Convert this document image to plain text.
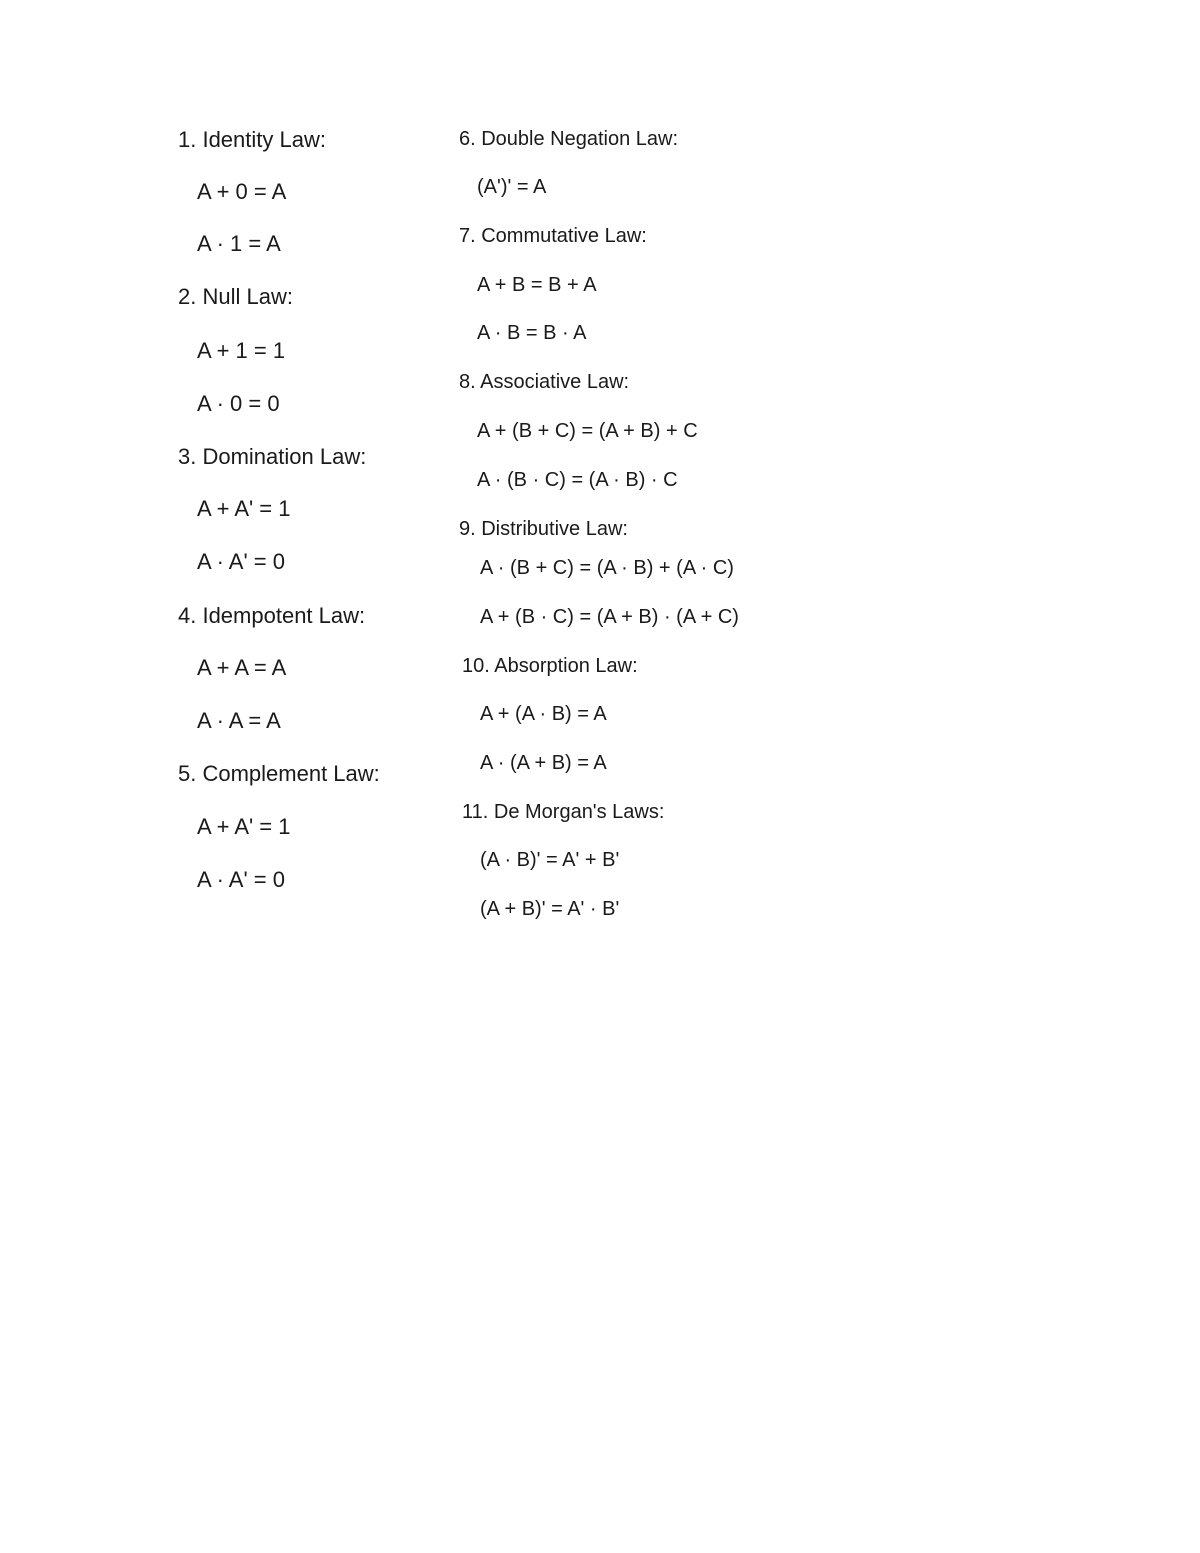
1. Identity Law:
A + 0 = A
A · 1 = A
2. Null Law:
A + 1 = 1
A · 0 = 0
3. Domination Law:
A + A' = 1
A · A' = 0
4. Idempotent Law:
A + A = A
A · A = A
5. Complement Law:
A + A' = 1
A · A' = 0
6. Double Negation Law:
(A')' = A
7. Commutative Law:
A + B = B + A
A · B = B · A
8. Associative Law:
A + (B + C) = (A + B) + C
A · (B · C) = (A · B) · C
9. Distributive Law:
A · (B + C) = (A · B) + (A · C)
A + (B · C) = (A + B) · (A + C)
10. Absorption Law:
A + (A · B) = A
A · (A + B) = A
11. De Morgan's Laws:
(A · B)' = A' + B'
(A + B)' = A' · B'
